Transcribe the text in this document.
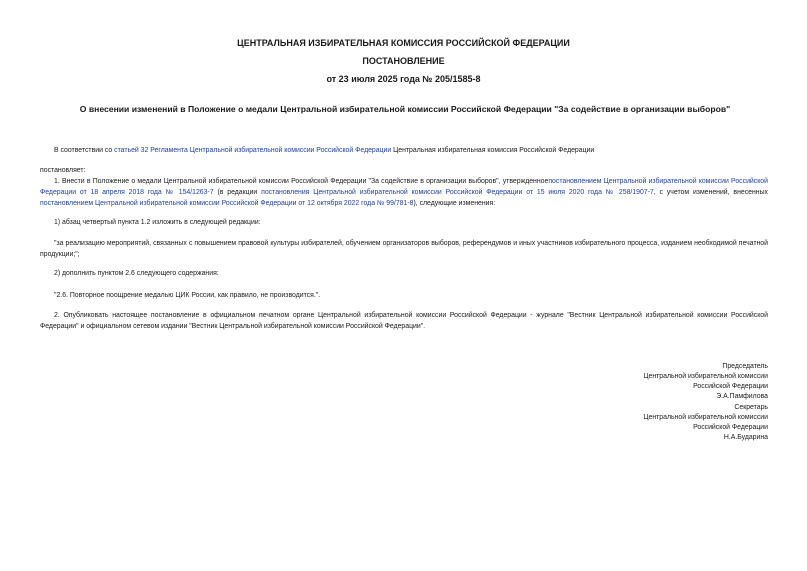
ЦЕНТРАЛЬНАЯ ИЗБИРАТЕЛЬНАЯ КОМИССИЯ РОССИЙСКОЙ ФЕДЕРАЦИИ
ПОСТАНОВЛЕНИЕ
от 23 июля 2025 года № 205/1585-8
О внесении изменений в Положение о медали Центральной избирательной комиссии Российской Федерации "За содействие в организации выборов"
В соответствии со статьей 32 Регламента Центральной избирательной комиссии Российской Федерации Центральная избирательная комиссия Российской Федерации
постановляет:
1. Внести в Положение о медали Центральной избирательной комиссии Российской Федерации "За содействие в организации выборов", утвержденноепостановлением Центральной избирательной комиссии Российской Федерации от 18 апреля 2018 года № 154/1263-7 (в редакции постановления Центральной избирательной комиссии Российской Федерации от 15 июля 2020 года № 258/1907-7, с учетом изменений, внесенных постановлением Центральной избирательной комиссии Российской Федерации от 12 октября 2022 года № 99/781-8), следующие изменения:
1) абзац четвертый пункта 1.2 изложить в следующей редакции:
"за реализацию мероприятий, связанных с повышением правовой культуры избирателей, обучением организаторов выборов, референдумов и иных участников избирательного процесса, изданием необходимой печатной продукции;";
2) дополнить пунктом 2.6 следующего содержания:
"2.6. Повторное поощрение медалью ЦИК России, как правило, не производится.".
2. Опубликовать настоящее постановление в официальном печатном органе Центральной избирательной комиссии Российской Федерации - журнале "Вестник Центральной избирательной комиссии Российской Федерации" и официальном сетевом издании "Вестник Центральной избирательной комиссии Российской Федерации".
Председатель
Центральной избирательной комиссии
Российской Федерации
Э.А.Памфилова
Секретарь
Центральной избирательной комиссии
Российской Федерации
Н.А.Бударина
